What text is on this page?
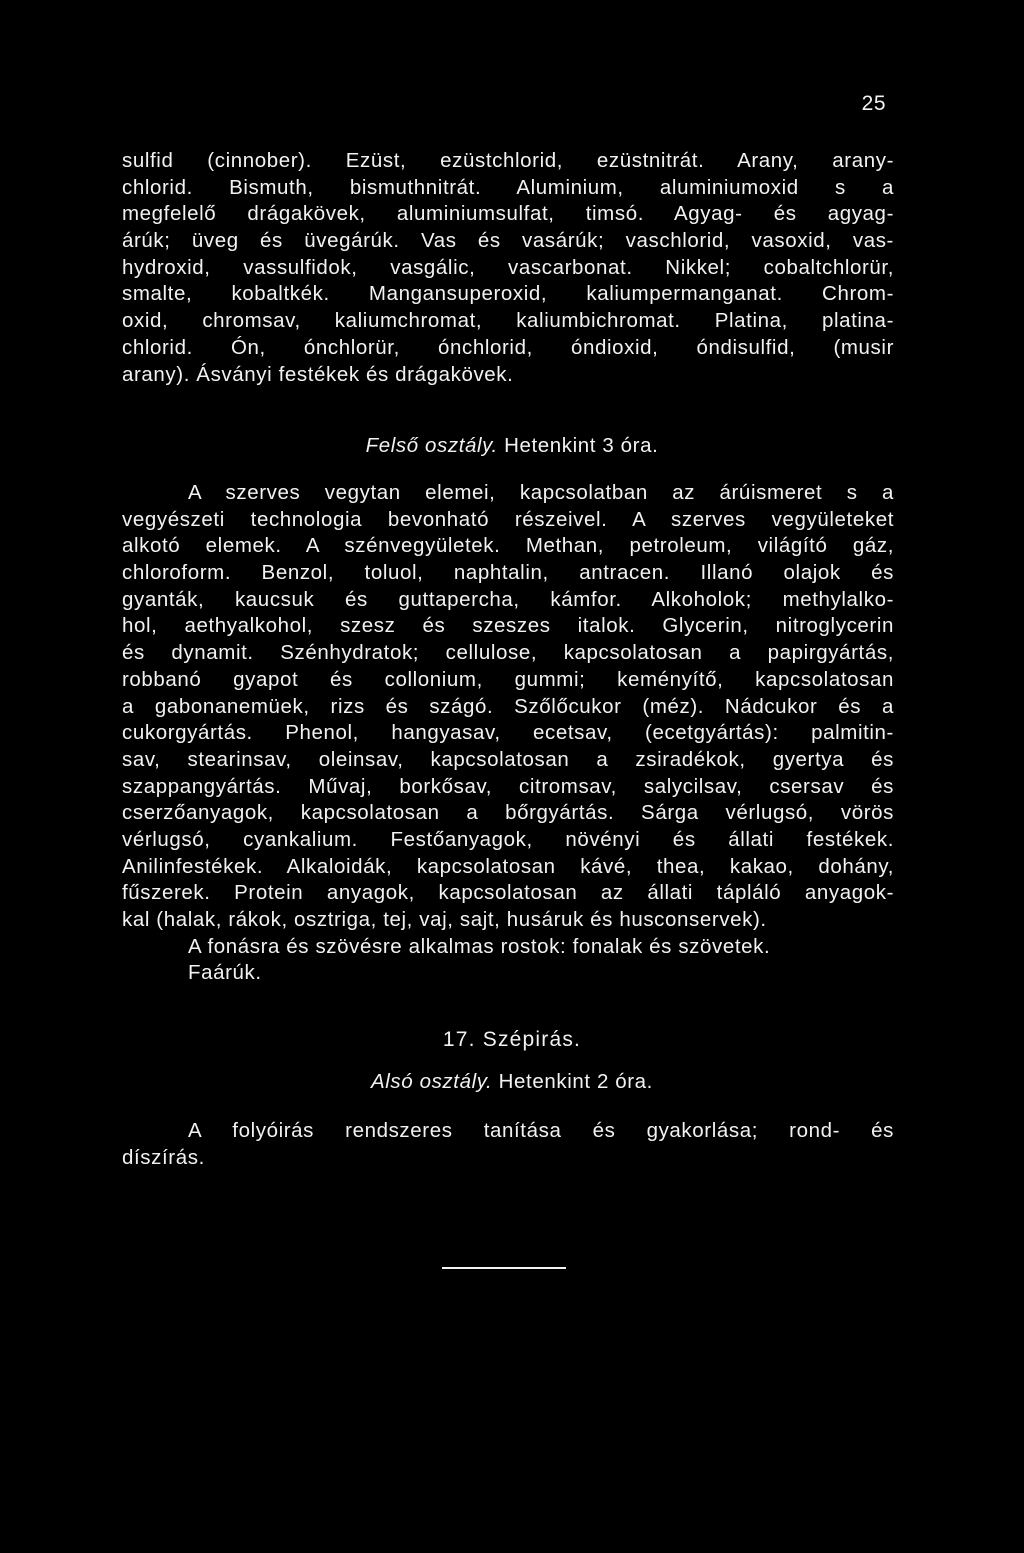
25
sulfid (cinnober). Ezüst, ezüstchlorid, ezüstnitrát. Arany, arany-
chlorid. Bismuth, bismuthnitrát. Aluminium, aluminiumoxid s a
megfelelő drágakövek, aluminiumsulfat, timsó. Agyag- és agyag-
árúk; üveg és üvegárúk. Vas és vasárúk; vaschlorid, vasoxid, vas-
hydroxid, vassulfidok, vasgálic, vascarbonat. Nikkel; cobaltchlorür,
smalte, kobaltkék. Mangansuperoxid, kaliumpermanganat. Chrom-
oxid, chromsav, kaliumchromat, kaliumbichromat. Platina, platina-
chlorid. Ón, ónchlorür, ónchlorid, óndioxid, óndisulfid, (musir
arany). Ásványi festékek és drágakövek.
Felső osztály. Hetenkint 3 óra.
A szerves vegytan elemei, kapcsolatban az árúismeret s a
vegyészeti technologia bevonható részeivel. A szerves vegyületeket
alkotó elemek. A szénvegyületek. Methan, petroleum, világító gáz,
chloroform. Benzol, toluol, naphtalin, antracen. Illanó olajok és
gyanták, kaucsuk és guttapercha, kámfor. Alkoholok; methylalko-
hol, aethyalkohol, szesz és szeszes italok. Glycerin, nitroglycerin
és dynamit. Szénhydratok; cellulose, kapcsolatosan a papirgyártás,
robbanó gyapot és collonium, gummi; keményítő, kapcsolatosan
a gabonanemüek, rizs és szágó. Szőlőcukor (méz). Nádcukor és a
cukorgyártás. Phenol, hangyasav, ecetsav, (ecetgyártás): palmitin-
sav, stearinsav, oleinsav, kapcsolatosan a zsiradékok, gyertya és
szappangyártás. Művaj, borkősav, citromsav, salycilsav, csersav és
cserzőanyagok, kapcsolatosan a bőrgyártás. Sárga vérlugsó, vörös
vérlugsó, cyankalium. Festőanyagok, növényi és állati festékek.
Anilinfestékek. Alkaloidák, kapcsolatosan kávé, thea, kakao, dohány,
fűszerek. Protein anyagok, kapcsolatosan az állati tápláló anyagok-
kal (halak, rákok, osztriga, tej, vaj, sajt, husáruk és husconservek).
A fonásra és szövésre alkalmas rostok: fonalak és szövetek.
Faárúk.
17. Szépirás.
Alsó osztály. Hetenkint 2 óra.
A folyóirás rendszeres tanítása és gyakorlása; rond- és
díszírás.
